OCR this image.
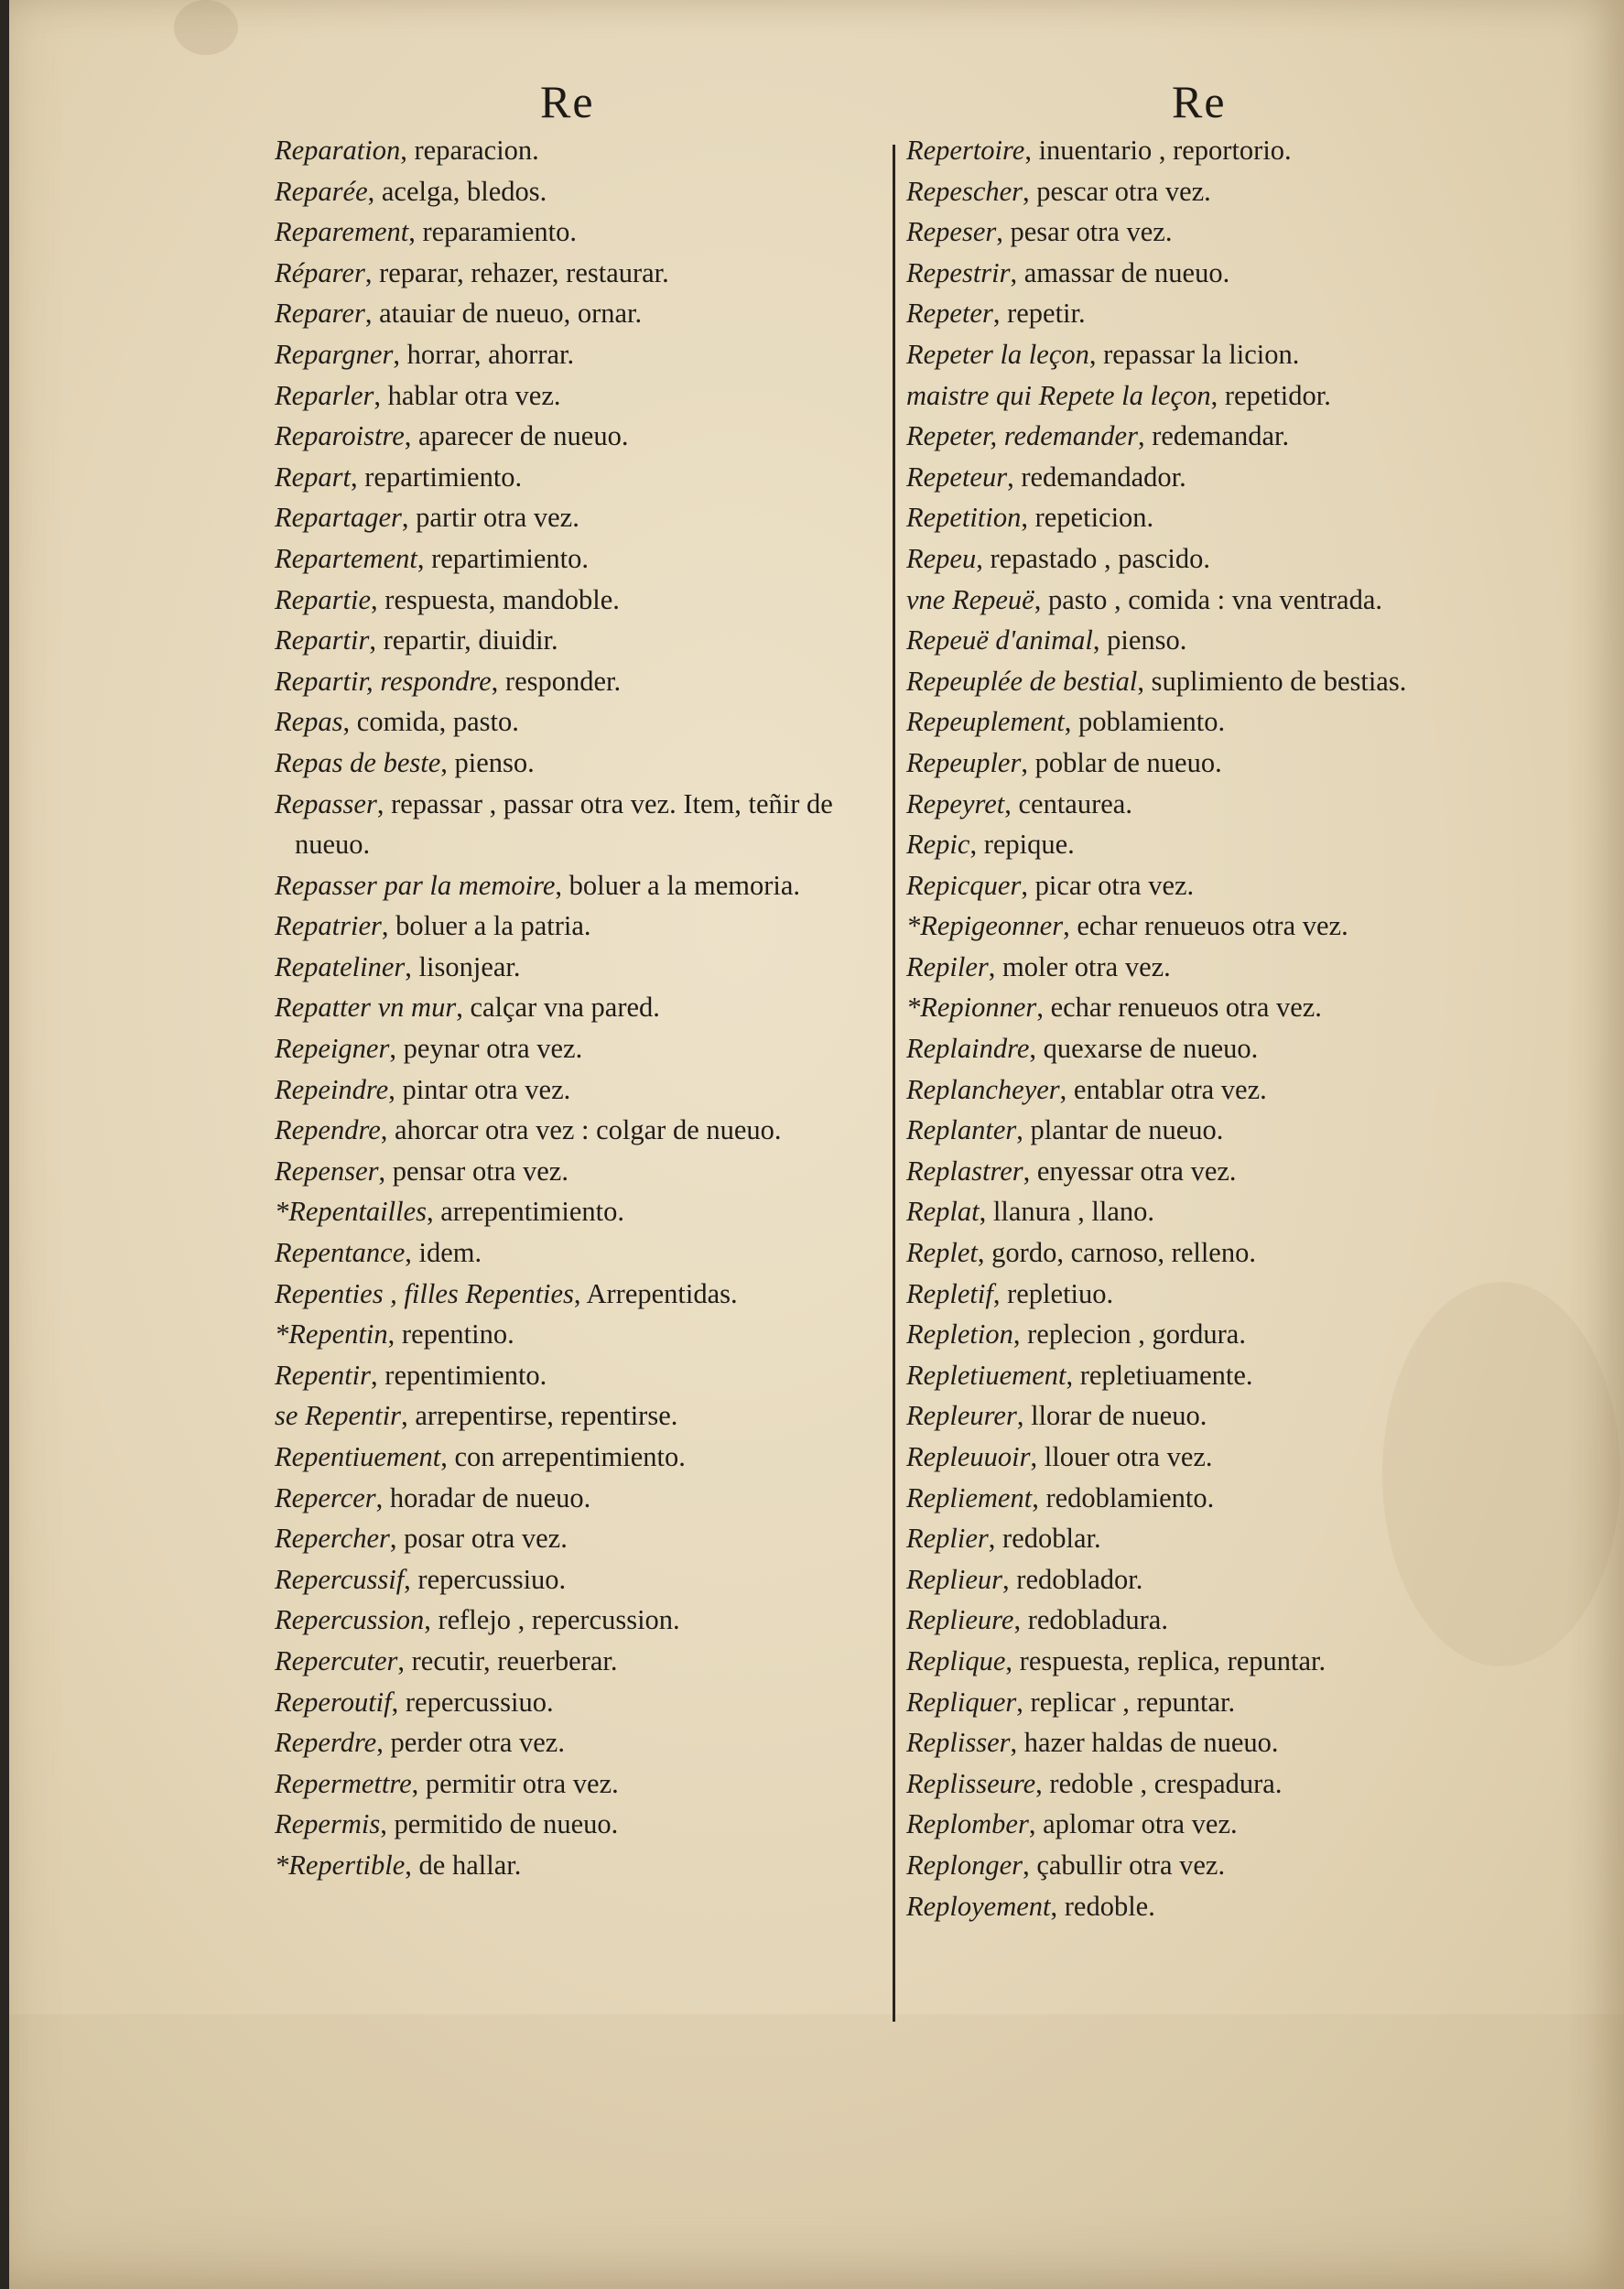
Re	Re

Reparation, reparacion.

Reparée, acelga, bledos.

Reparement, reparamiento.

Réparer, reparar, rehazer, restaurar.

Reparer, atauiar de nueuo, ornar.

Repargner, horrar, ahorrar.

Reparler, hablar otra vez.

Reparoistre, aparecer de nueuo.

Repart, repartimiento.

Repartager, partir otra vez.

Repartement, repartimiento.

Repartie, respuesta, mandoble.

Repartir, repartir, diuidir.

Repartir, respondre, responder.

Repas, comida, pasto.

Repas de beste, pienso.

Repasser, repassar , passar otra vez. Item, teñir de nueuo.

Repasser par la memoire, boluer a la memoria.

Repatrier, boluer a la patria.

Repateliner, lisonjear.

Repatter vn mur, calçar vna pared.

Repeigner, peynar otra vez.

Repeindre, pintar otra vez.

Rependre, ahorcar otra vez : colgar de nueuo.

Repenser, pensar otra vez.

*Repentailles, arrepentimiento.

Repentance, idem.

Repenties , filles Repenties, Arrepentidas.

*Repentin, repentino.

Repentir, repentimiento.

se Repentir, arrepentirse, repentirse.

Repentiuement, con arrepentimiento.

Repercer, horadar de nueuo.

Repercher, posar otra vez.

Repercussif, repercussiuo.

Repercussion, reflejo , repercussion.

Repercuter, recutir, reuerberar.

Reperoutif, repercussiuo.

Reperdre, perder otra vez.

Repermettre, permitir otra vez.

Repermis, permitido de nueuo.

*Repertible, de hallar.

Repertoire, inuentario , reportorio.

Repescher, pescar otra vez.

Repeser, pesar otra vez.

Repestrir, amassar de nueuo.

Repeter, repetir.

Repeter la leçon, repassar la licion.

maistre qui Repete la leçon, repetidor.

Repeter, redemander, redemandar.

Repeteur, redemandador.

Repetition, repeticion.

Repeu, repastado , pascido.

vne Repeuë, pasto , comida : vna ventrada.

Repeuë d'animal, pienso.

Repeuplée de bestial, suplimiento de bestias.

Repeuplement, poblamiento.

Repeupler, poblar de nueuo.

Repeyret, centaurea.

Repic, repique.

Repicquer, picar otra vez.

*Repigeonner, echar renueuos otra vez.

Repiler, moler otra vez.

*Repionner, echar renueuos otra vez.

Replaindre, quexarse de nueuo.

Replancheyer, entablar otra vez.

Replanter, plantar de nueuo.

Replastrer, enyessar otra vez.

Replat, llanura , llano.

Replet, gordo, carnoso, relleno.

Repletif, repletiuo.

Repletion, replecion , gordura.

Repletiuement, repletiuamente.

Repleurer, llorar de nueuo.

Repleuuoir, llouer otra vez.

Repliement, redoblamiento.

Replier, redoblar.

Replieur, redoblador.

Replieure, redobladura.

Replique, respuesta, replica, repuntar.

Repliquer, replicar , repuntar.

Replisser, hazer haldas de nueuo.

Replisseure, redoble , crespadura.

Replomber, aplomar otra vez.

Replonger, çabullir otra vez.

Reployement, redoble.
